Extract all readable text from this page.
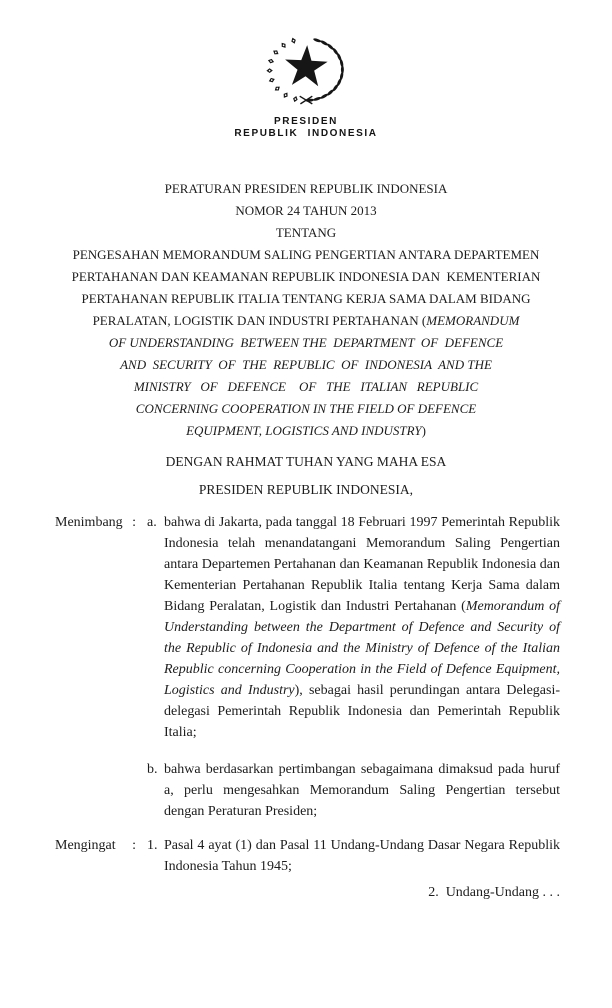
PRESIDEN
REPUBLIK INDONESIA
PERATURAN PRESIDEN REPUBLIK INDONESIA
NOMOR 24 TAHUN 2013
TENTANG
PENGESAHAN MEMORANDUM SALING PENGERTIAN ANTARA DEPARTEMEN
PERTAHANAN DAN KEAMANAN REPUBLIK INDONESIA DAN  KEMENTERIAN
PERTAHANAN REPUBLIK ITALIA TENTANG KERJA SAMA DALAM BIDANG
PERALATAN, LOGISTIK DAN INDUSTRI PERTAHANAN (MEMORANDUM
OF UNDERSTANDING  BETWEEN THE  DEPARTMENT  OF  DEFENCE
AND  SECURITY  OF  THE  REPUBLIC  OF  INDONESIA  AND THE
MINISTRY   OF   DEFENCE    OF   THE   ITALIAN   REPUBLIC
CONCERNING COOPERATION IN THE FIELD OF DEFENCE
EQUIPMENT, LOGISTICS AND INDUSTRY)
DENGAN RAHMAT TUHAN YANG MAHA ESA
PRESIDEN REPUBLIK INDONESIA,
Menimbang : a. bahwa di Jakarta, pada tanggal 18 Februari 1997 Pemerintah Republik Indonesia telah menandatangani Memorandum Saling Pengertian antara Departemen Pertahanan dan Keamanan Republik Indonesia dan Kementerian Pertahanan Republik Italia tentang Kerja Sama dalam Bidang Peralatan, Logistik dan Industri Pertahanan (Memorandum of Understanding between the Department of Defence and Security of the Republic of Indonesia and the Ministry of Defence of the Italian Republic concerning Cooperation in the Field of Defence Equipment, Logistics and Industry), sebagai hasil perundingan antara Delegasi-delegasi Pemerintah Republik Indonesia dan Pemerintah Republik Italia;
b. bahwa berdasarkan pertimbangan sebagaimana dimaksud pada huruf a, perlu mengesahkan Memorandum Saling Pengertian tersebut dengan Peraturan Presiden;
Mengingat : 1. Pasal 4 ayat (1) dan Pasal 11 Undang-Undang Dasar Negara Republik Indonesia Tahun 1945;
2.  Undang-Undang . . .
